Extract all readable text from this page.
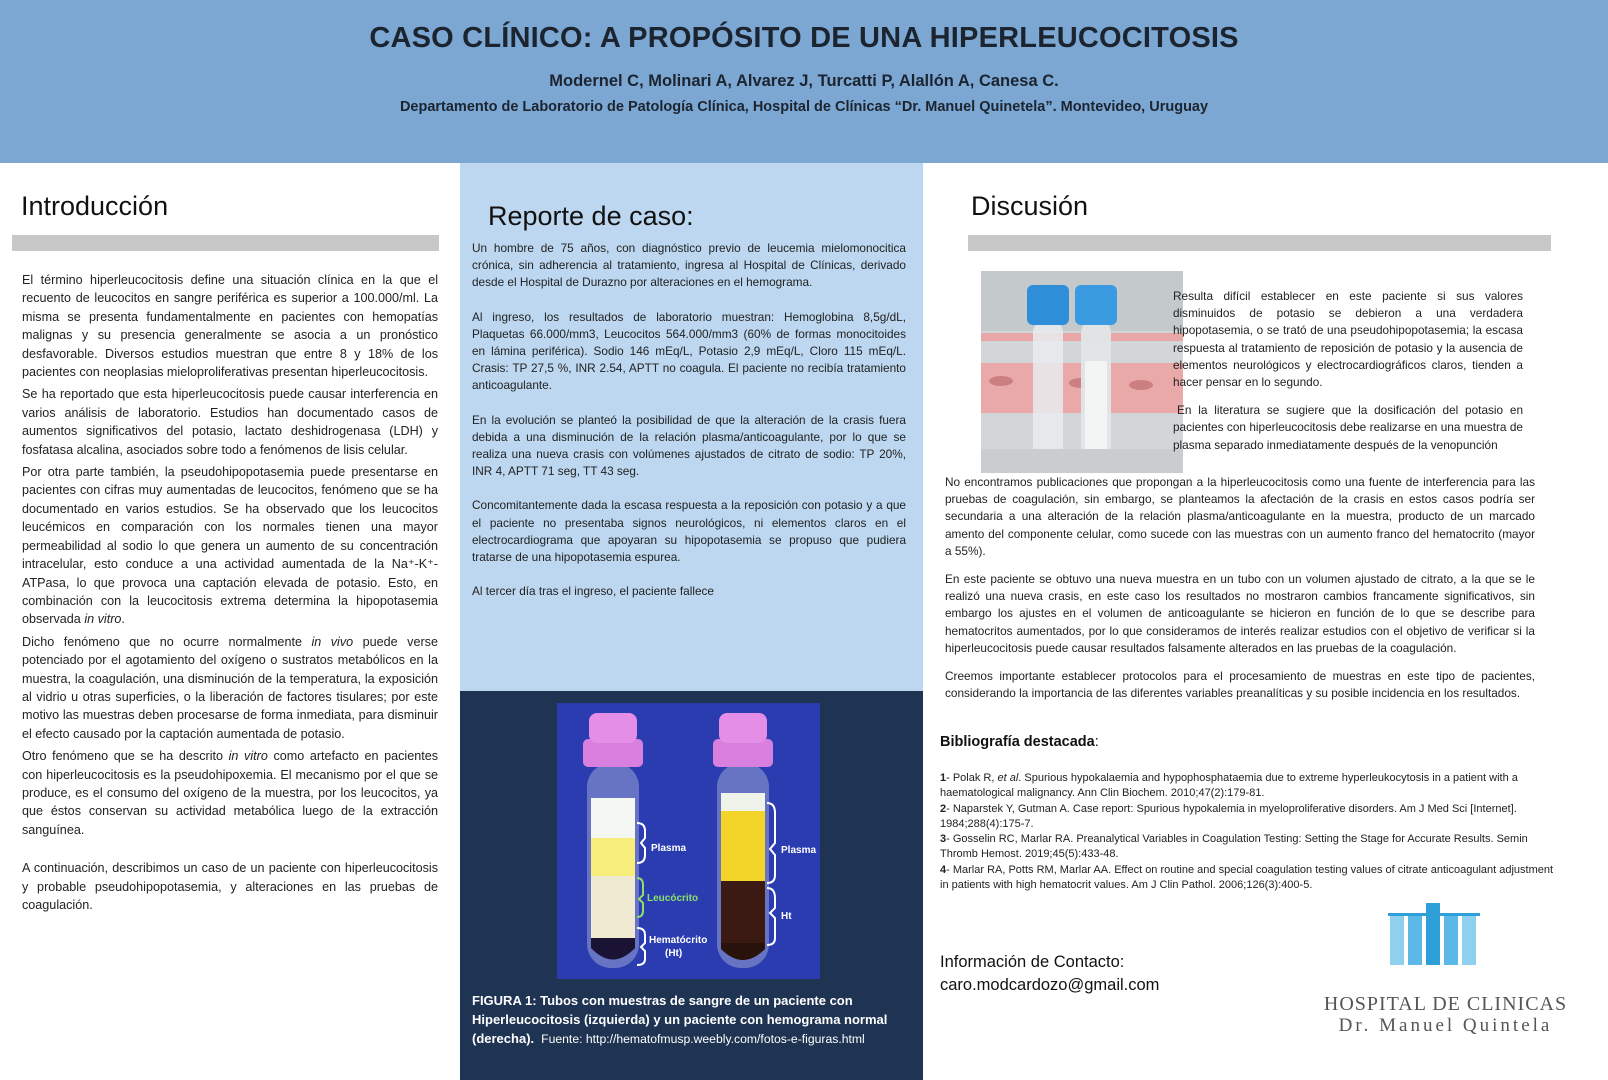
CASO CLÍNICO: A PROPÓSITO DE UNA HIPERLEUCOCITOSIS
Modernel C, Molinari A, Alvarez J, Turcatti P, Alallón A, Canesa C.
Departamento de Laboratorio de Patología Clínica, Hospital de Clínicas “Dr. Manuel Quinetela”. Montevideo, Uruguay
Introducción

El término hiperleucocitosis define una situación clínica en la que el recuento de leucocitos en sangre periférica es superior a 100.000/ml. La misma se presenta fundamentalmente en pacientes con hemopatías malignas y su presencia generalmente se asocia a un pronóstico desfavorable. Diversos estudios muestran que entre 8 y 18% de los pacientes con neoplasias mieloproliferativas presentan hiperleucocitosis.

Se ha reportado que esta hiperleucocitosis puede causar interferencia en varios análisis de laboratorio. Estudios han documentado casos de aumentos significativos del potasio, lactato deshidrogenasa (LDH) y fosfatasa alcalina, asociados sobre todo a fenómenos de lisis celular.

Por otra parte también, la pseudohipopotasemia puede presentarse en pacientes con cifras muy aumentadas de leucocitos, fenómeno que se ha documentado en varios estudios. Se ha observado que los leucocitos leucémicos en comparación con los normales tienen una mayor permeabilidad al sodio lo que genera un aumento de su concentración intracelular, esto conduce a una actividad aumentada de la Na⁺-K⁺-ATPasa, lo que provoca una captación elevada de potasio. Esto, en combinación con la leucocitosis extrema determina la hipopotasemia observada in vitro.

Dicho fenómeno que no ocurre normalmente in vivo puede verse potenciado por el agotamiento del oxígeno o sustratos metabólicos en la muestra, la coagulación, una disminución de la temperatura, la exposición al vidrio u otras superficies, o la liberación de factores tisulares; por este motivo las muestras deben procesarse de forma inmediata, para disminuir el efecto causado por la captación aumentada de potasio.

Otro fenómeno que se ha descrito in vitro como artefacto en pacientes con hiperleucocitosis es la pseudohipoxemia. El mecanismo por el que se produce, es el consumo del oxígeno de la muestra, por los leucocitos, ya que éstos conservan su actividad metabólica luego de la extracción sanguínea.

A continuación, describimos un caso de un paciente con hiperleucocitosis y probable pseudohipopotasemia, y alteraciones en las pruebas de coagulación.

Reporte de caso:

Un hombre de 75 años, con diagnóstico previo de leucemia mielomonocitica crónica, sin adherencia al tratamiento, ingresa al Hospital de Clínicas, derivado desde el Hospital de Durazno por alteraciones en el hemograma.

Al ingreso, los resultados de laboratorio muestran: Hemoglobina 8,5g/dL, Plaquetas 66.000/mm3, Leucocitos 564.000/mm3 (60% de formas monocitoides en lámina periférica). Sodio 146 mEq/L, Potasio 2,9 mEq/L, Cloro 115 mEq/L. Crasis: TP 27,5 %, INR 2.54, APTT no coagula. El paciente no recibía tratamiento anticoagulante.

En la evolución se planteó la posibilidad de que la alteración de la crasis fuera debida a una disminución de la relación plasma/anticoagulante, por lo que se realiza una nueva crasis con volúmenes ajustados de citrato de sodio: TP 20%, INR 4, APTT 71 seg, TT 43 seg.

Concomitantemente dada la escasa respuesta a la reposición con potasio y a que el paciente no presentaba signos neurológicos, ni elementos claros en el electrocardiograma que apoyaran su hipopotasemia se propuso que pudiera tratarse de una hipopotasemia espurea.

Al tercer día tras el ingreso, el paciente fallece

Plasma
Leucócrito
Hematócrito
(Ht)
Plasma
Ht
FIGURA 1: Tubos con muestras de sangre de un paciente con Hiperleucocitosis (izquierda) y un paciente con hemograma normal (derecha). Fuente: http://hematofmusp.weebly.com/fotos-e-figuras.html
Discusión

Resulta difícil establecer en este paciente si sus valores disminuidos de potasio se debieron a una verdadera hipopotasemia, o se trató de una pseudohipopotasemia; la escasa respuesta al tratamiento de reposición de potasio y la ausencia de elementos neurológicos y electrocardiográficos claros, tienden a hacer pensar en lo segundo.

En la literatura se sugiere que la dosificación del potasio en pacientes con hiperleucocitosis debe realizarse en una muestra de plasma separado inmediatamente después de la venopunción

No encontramos publicaciones que propongan a la hiperleucocitosis como una fuente de interferencia para las pruebas de coagulación, sin embargo, se planteamos la afectación de la crasis en estos casos podría ser secundaria a una alteración de la relación plasma/anticoagulante en la muestra, producto de un marcado amento del componente celular, como sucede con las muestras con un aumento franco del hematocrito (mayor a 55%).

En este paciente se obtuvo una nueva muestra en un tubo con un volumen ajustado de citrato, a la que se le realizó una nueva crasis, en este caso los resultados no mostraron cambios francamente significativos, sin embargo los ajustes en el volumen de anticoagulante se hicieron en función de lo que se describe para hematocritos aumentados, por lo que consideramos de interés realizar estudios con el objetivo de verificar si la hiperleucocitosis puede causar resultados falsamente alterados en las pruebas de la coagulación.

Creemos importante establecer protocolos para el procesamiento de muestras en este tipo de pacientes, considerando la importancia de las diferentes variables preanalíticas y su posible incidencia en los resultados.

Bibliografía destacada:
1- Polak R, et al. Spurious hypokalaemia and hypophosphataemia due to extreme hyperleukocytosis in a patient with a haematological malignancy. Ann Clin Biochem. 2010;47(2):179-81.
2- Naparstek Y, Gutman A. Case report: Spurious hypokalemia in myeloproliferative disorders. Am J Med Sci [Internet]. 1984;288(4):175-7.
3- Gosselin RC, Marlar RA. Preanalytical Variables in Coagulation Testing: Setting the Stage for Accurate Results. Semin Thromb Hemost. 2019;45(5):433-48.
4- Marlar RA, Potts RM, Marlar AA. Effect on routine and special coagulation testing values of citrate anticoagulant adjustment in patients with high hematocrit values. Am J Clin Pathol. 2006;126(3):400-5.
Información de Contacto:
caro.modcardozo@gmail.com
HOSPITAL DE CLINICAS
Dr. Manuel Quintela
